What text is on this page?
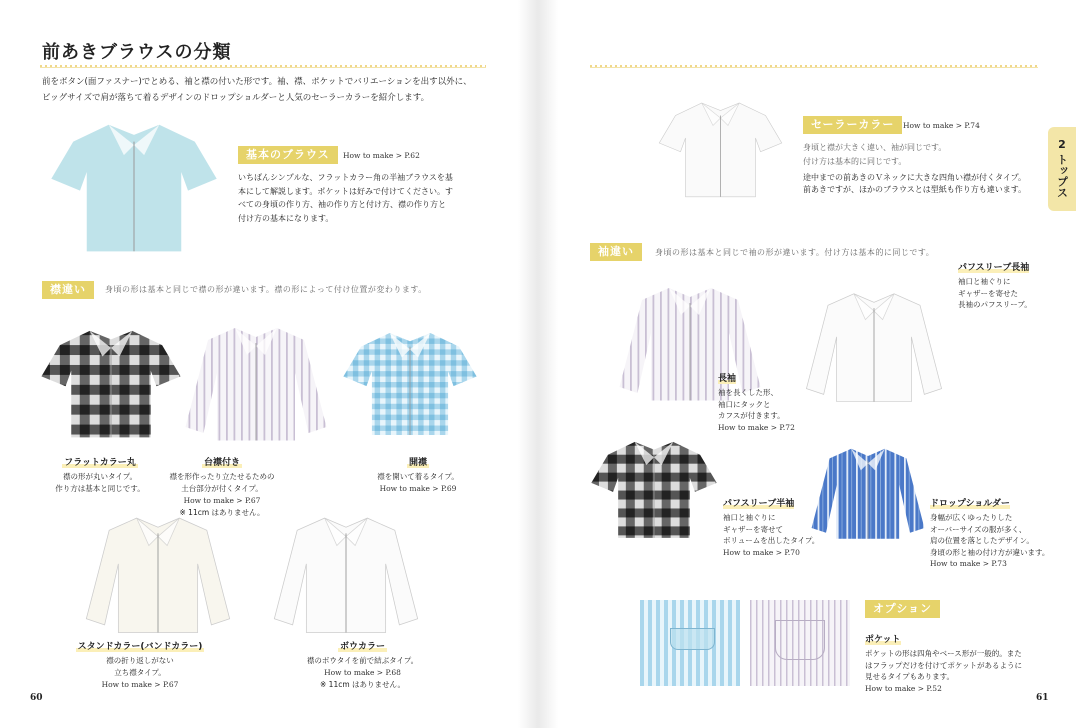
前あきブラウスの分類
前をボタン(面ファスナー)でとめる、袖と襟の付いた形です。袖、襟、ポケットでバリエーションを出す以外に、
ビッグサイズで肩が落ちて着るデザインのドロップショルダーと人気のセーラーカラーを紹介します。
基本のブラウス	How to make > P.62
いちばんシンプルな、フラットカラー角の半袖ブラウスを基
本にして解説します。ポケットは好みで付けてください。す
べての身頃の作り方、袖の作り方と付け方、襟の作り方と
付け方の基本になります。
襟違い	身頃の形は基本と同じで襟の形が違います。襟の形によって付け位置が変わります。
フラットカラー丸
襟の形が丸いタイプ。
作り方は基本と同じです。
台襟付き
襟を形作ったり立たせるための
土台部分が付くタイプ。
How to make > P.67
※ 11cm はありません。
開襟
襟を開いて着るタイプ。
How to make > P.69
スタンドカラー(バンドカラー)
襟の折り返しがない
立ち襟タイプ。
How to make > P.67
ボウカラー
襟のボウタイを前で結ぶタイプ。
How to make > P.68
※ 11cm はありません。
60
セーラーカラー	How to make > P.74
身頃と襟が大きく違い、袖が同じです。
付け方は基本的に同じです。
途中までの前あきのＶネックに大きな四角い襟が付くタイプ。
前あきですが、ほかのブラウスとは型紙も作り方も違います。
2
トップス
袖違い	身頃の形は基本と同じで袖の形が違います。付け方は基本的に同じです。
パフスリーブ長袖
袖口と袖ぐりに
ギャザーを寄せた
長袖のパフスリーブ。
長袖
袖を長くした形、
袖口にタックと
カフスが付きます。
How to make > P.72
パフスリーブ半袖
袖口と袖ぐりに
ギャザーを寄せて
ボリュームを出したタイプ。
How to make > P.70
ドロップショルダー
身幅が広くゆったりした
オーバーサイズの服が多く、
肩の位置を落としたデザイン。
身頃の形と袖の付け方が違います。
How to make > P.73
オプション
ポケット
ポケットの形は四角やベース形が一般的。また
はフラップだけを付けてポケットがあるように
見せるタイプもあります。
How to make > P.52
61
